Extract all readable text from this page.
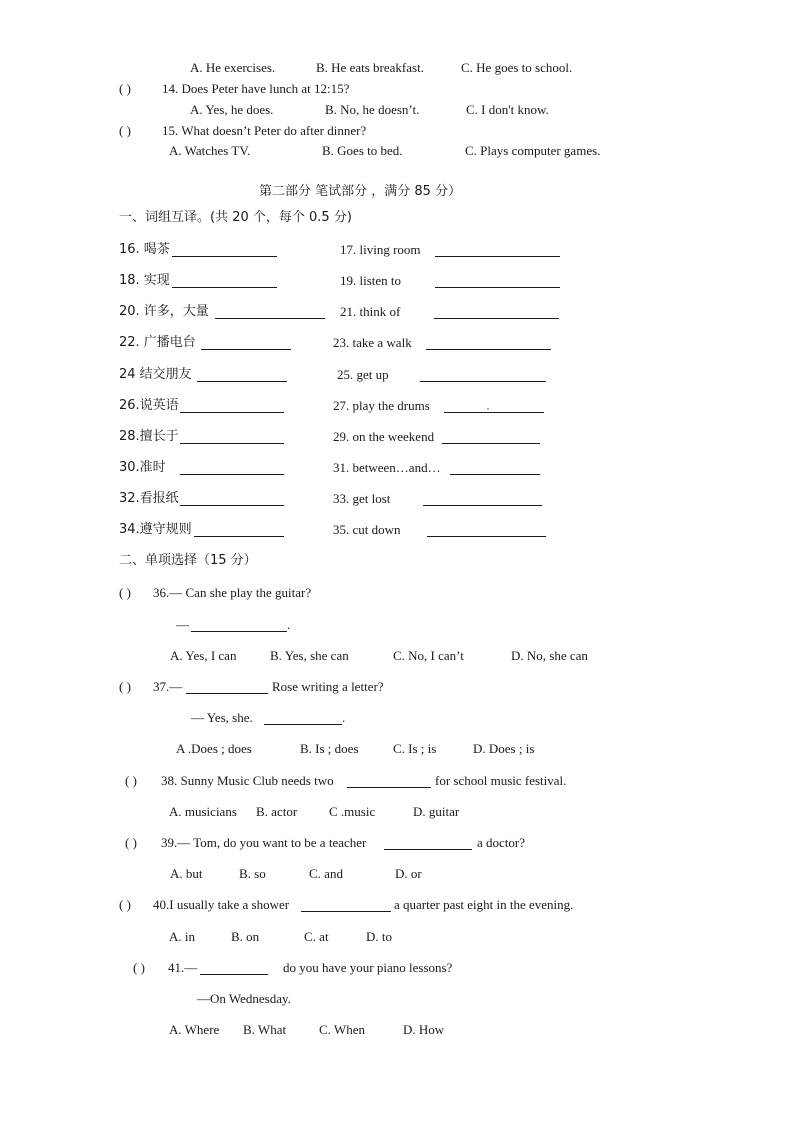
A. He exercises.	B. He eats breakfast.	C. He goes to school.
( ) 14. Does Peter have lunch at 12:15?
A. Yes, he does.	B. No, he doesn’t.	C. I don't know.
( ) 15. What doesn’t Peter do after dinner?
A. Watches TV.	B. Goes to bed.	C. Plays computer games.
第二部分 笔试部分 ，满分 85 分）
一、词组互译。(共 20 个，每个 0.5 分)
16. 喝茶	17. living room
18. 实现	19. listen to
20. 许多，大量	21. think of
22. 广播电台	23. take a walk
24 结交朋友	25. get up
26.说英语	27. play the drums
28.擅长于	29. on the weekend
30.准时	31. between…and…
32.看报纸	33. get lost
34.遵守规则	35. cut down
二、单项选择（15 分）
( ) 36.— Can she play the guitar?
—	.
A. Yes, I can	B. Yes, she can	C. No, I can’t	D. No, she can
( ) 37.—	Rose writing a letter?
— Yes, she.	.
A .Does ; does	B. Is ; does	C. Is ; is	D. Does ; is
( ) 38. Sunny Music Club needs two	for school music festival.
A. musicians B. actor C .music	D. guitar
( ) 39.— Tom, do you want to be a teacher	a doctor?
A. but	B. so	C. and	D. or
( ) 40.I usually take a shower	a quarter past eight in the evening.
A. in	B. on	C. at	D. to
( ) 41.—	do you have your piano lessons?
—On Wednesday.
A. Where B. What	C. When	D. How
